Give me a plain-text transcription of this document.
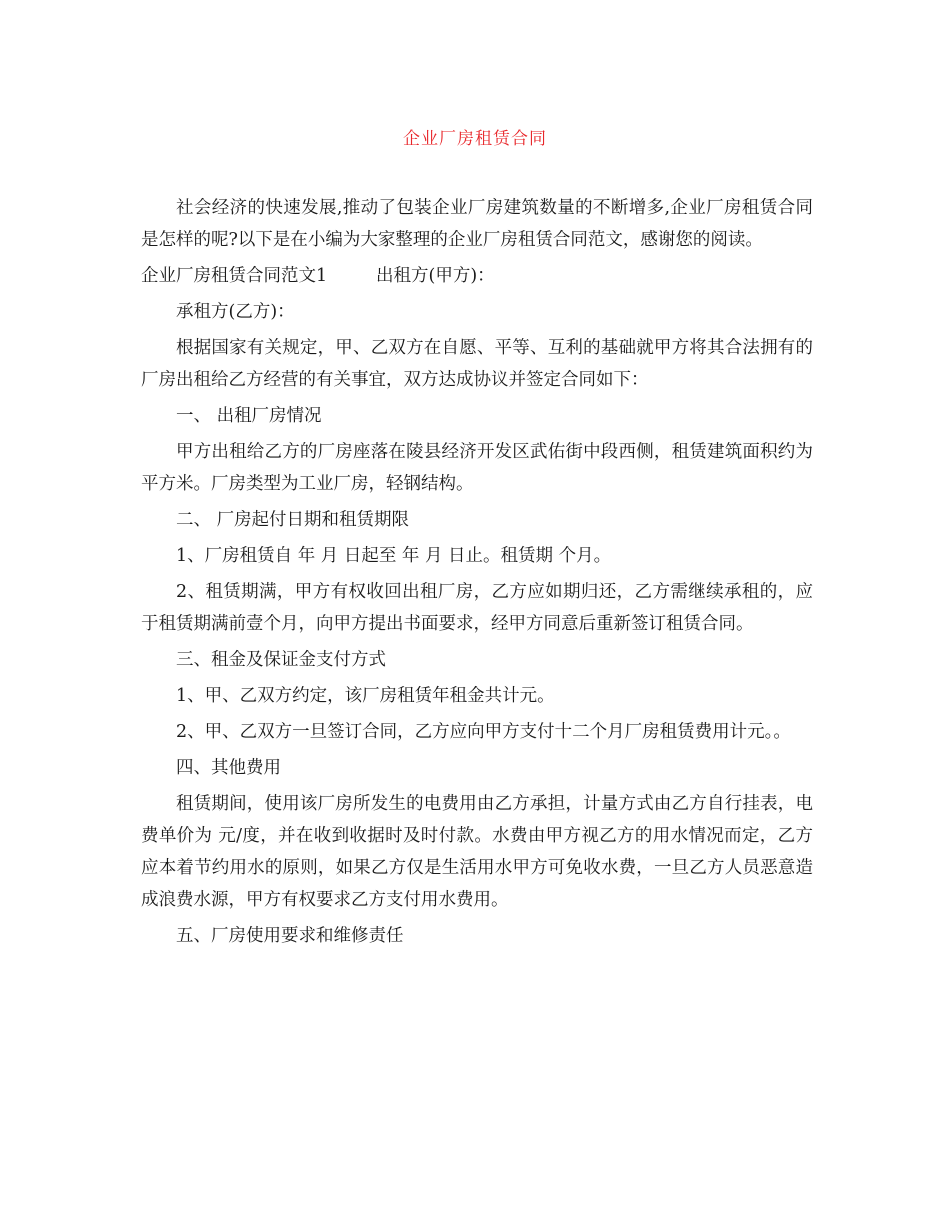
企业厂房租赁合同

社会经济的快速发展,推动了包装企业厂房建筑数量的不断增多,企业厂房租赁合同是怎样的呢?以下是在小编为大家整理的企业厂房租赁合同范文，感谢您的阅读。

企业厂房租赁合同范文1	出租方(甲方)：

承租方(乙方)：

根据国家有关规定，甲、乙双方在自愿、平等、互利的基础就甲方将其合法拥有的厂房出租给乙方经营的有关事宜，双方达成协议并签定合同如下：

一、 出租厂房情况

甲方出租给乙方的厂房座落在陵县经济开发区武佑街中段西侧，租赁建筑面积约为 平方米。厂房类型为工业厂房，轻钢结构。

二、 厂房起付日期和租赁期限

1、厂房租赁自 年 月 日起至 年 月 日止。租赁期 个月。

2、租赁期满，甲方有权收回出租厂房，乙方应如期归还，乙方需继续承租的，应于租赁期满前壹个月，向甲方提出书面要求，经甲方同意后重新签订租赁合同。

三、租金及保证金支付方式

1、甲、乙双方约定，该厂房租赁年租金共计元。

2、甲、乙双方一旦签订合同，乙方应向甲方支付十二个月厂房租赁费用计元。。

四、其他费用

租赁期间，使用该厂房所发生的电费用由乙方承担，计量方式由乙方自行挂表，电费单价为 元/度，并在收到收据时及时付款。水费由甲方视乙方的用水情况而定，乙方应本着节约用水的原则，如果乙方仅是生活用水甲方可免收水费，一旦乙方人员恶意造成浪费水源，甲方有权要求乙方支付用水费用。

五、厂房使用要求和维修责任
